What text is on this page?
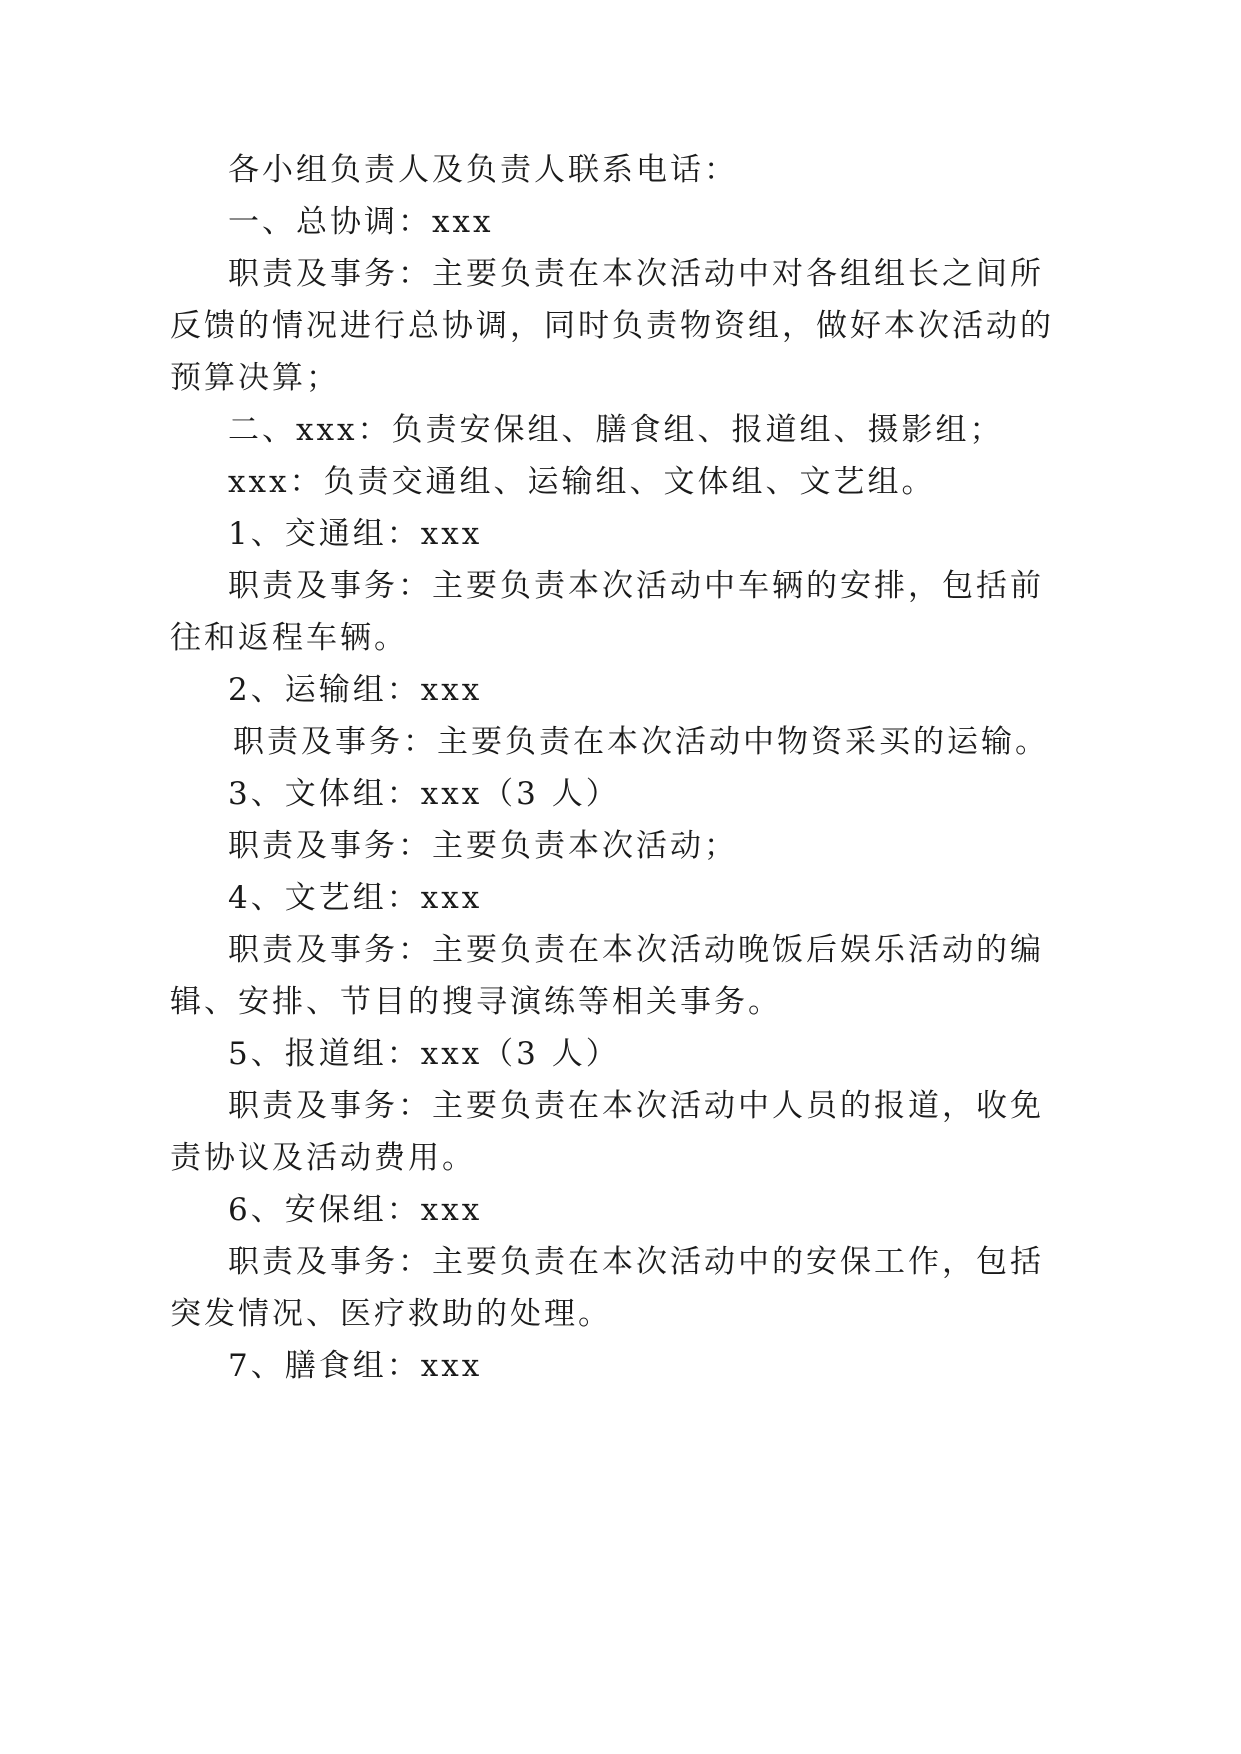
各小组负责人及负责人联系电话：
一、总协调：xxx
职责及事务：主要负责在本次活动中对各组组长之间所
反馈的情况进行总协调，同时负责物资组，做好本次活动的
预算决算；
二、xxx：负责安保组、膳食组、报道组、摄影组；
xxx：负责交通组、运输组、文体组、文艺组。
1、交通组：xxx
职责及事务：主要负责本次活动中车辆的安排，包括前
往和返程车辆。
2、运输组：xxx
职责及事务：主要负责在本次活动中物资采买的运输。
3、文体组：xxx（3 人）
职责及事务：主要负责本次活动；
4、文艺组：xxx
职责及事务：主要负责在本次活动晚饭后娱乐活动的编
辑、安排、节目的搜寻演练等相关事务。
5、报道组：xxx（3 人）
职责及事务：主要负责在本次活动中人员的报道，收免
责协议及活动费用。
6、安保组：xxx
职责及事务：主要负责在本次活动中的安保工作，包括
突发情况、医疗救助的处理。
7、膳食组：xxx
